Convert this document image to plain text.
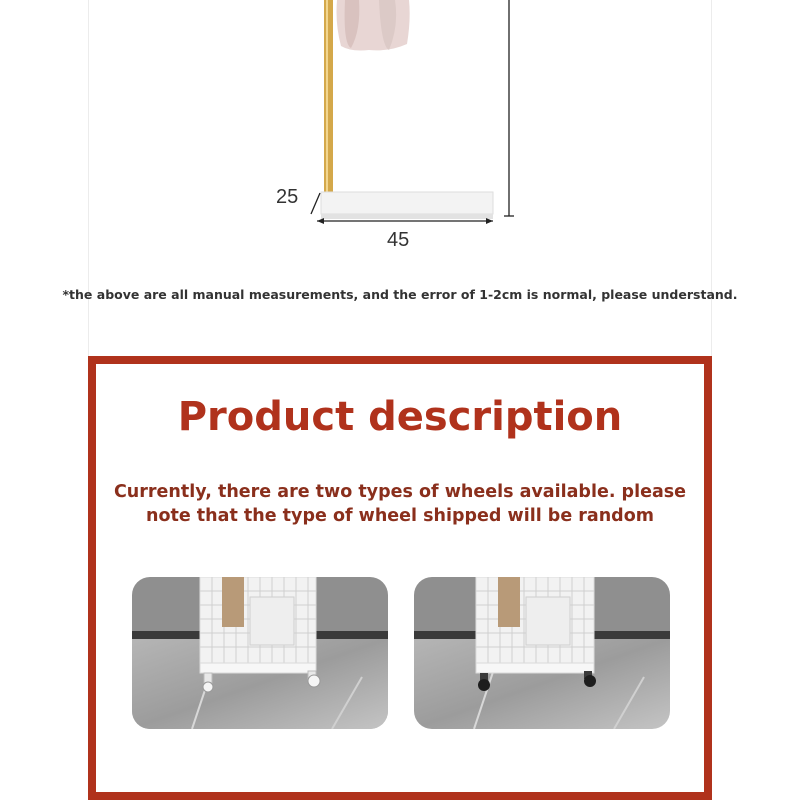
25
45
*the above are all manual measurements, and the error of 1-2cm is normal, please understand.
Product description
Currently, there are two types of wheels available. please
note that the type of wheel shipped will be random
